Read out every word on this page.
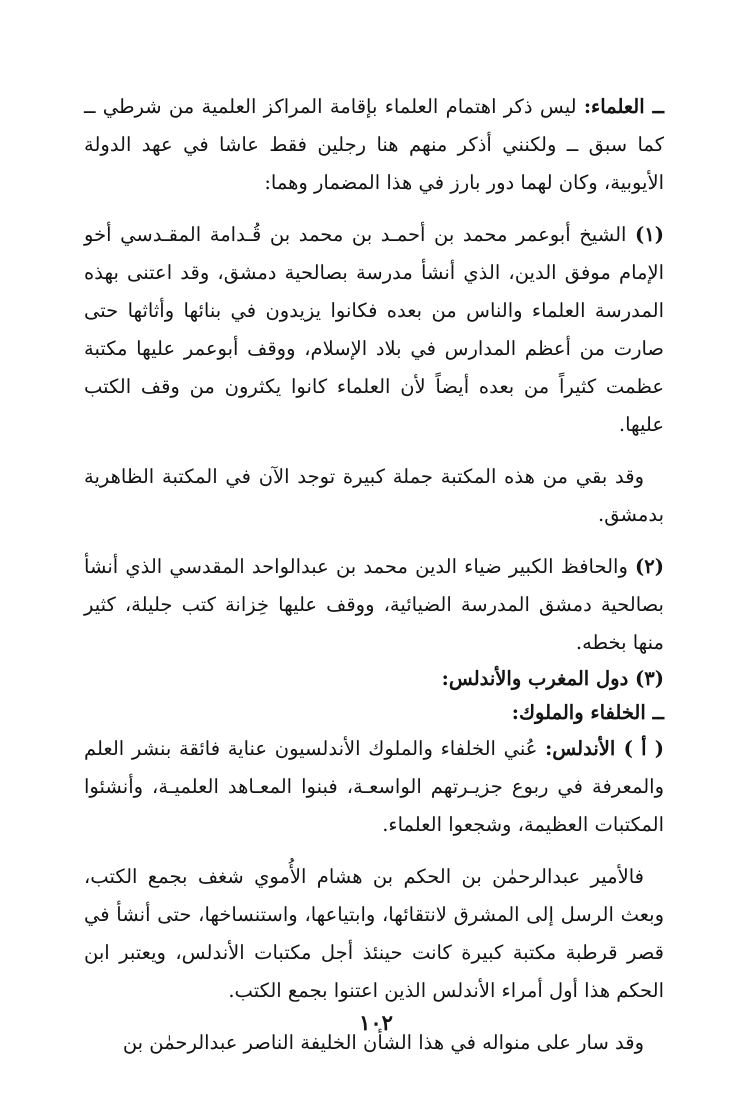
ــ العلماء: ليس ذكر اهتمام العلماء بإقامة المراكز العلمية من شرطي ــ كما سبق ــ ولكنني أذكر منهم هنا رجلين فقط عاشا في عهد الدولة الأيوبية، وكان لهما دور بارز في هذا المضمار وهما:

(١) الشيخ أبوعمر محمد بن أحمـد بن محمد بن قُـدامة المقـدسي أخو الإمام موفق الدين، الذي أنشأ مدرسة بصالحية دمشق، وقد اعتنى بهذه المدرسة العلماء والناس من بعده فكانوا يزيدون في بنائها وأثاثها حتى صارت من أعظم المدارس في بلاد الإسلام، ووقف أبوعمر عليها مكتبة عظمت كثيراً من بعده أيضاً لأن العلماء كانوا يكثرون من وقف الكتب عليها.

وقد بقي من هذه المكتبة جملة كبيرة توجد الآن في المكتبة الظاهرية بدمشق.

(٢) والحافظ الكبير ضياء الدين محمد بن عبدالواحد المقدسي الذي أنشأ بصالحية دمشق المدرسة الضيائية، ووقف عليها خِزانة كتب جليلة، كثير منها بخطه.

(٣) دول المغرب والأندلس:

ــ الخلفاء والملوك:

( أ ) الأندلس: عُني الخلفاء والملوك الأندلسيون عناية فائقة بنشر العلم والمعرفة في ربوع جزيـرتهم الواسعـة، فبنوا المعـاهد العلميـة، وأنشئوا المكتبات العظيمة، وشجعوا العلماء.

فالأمير عبدالرحمٰن بن الحكم بن هشام الأُموي شغف بجمع الكتب، وبعث الرسل إلى المشرق لانتقائها، وابتياعها، واستنساخها، حتى أنشأ في قصر قرطبة مكتبة كبيرة كانت حينئذ أجل مكتبات الأندلس، ويعتبر ابن الحكم هذا أول أمراء الأندلس الذين اعتنوا بجمع الكتب.

وقد سار على منواله في هذا الشأن الخليفة الناصر عبدالرحمٰن بن

١٠٢
